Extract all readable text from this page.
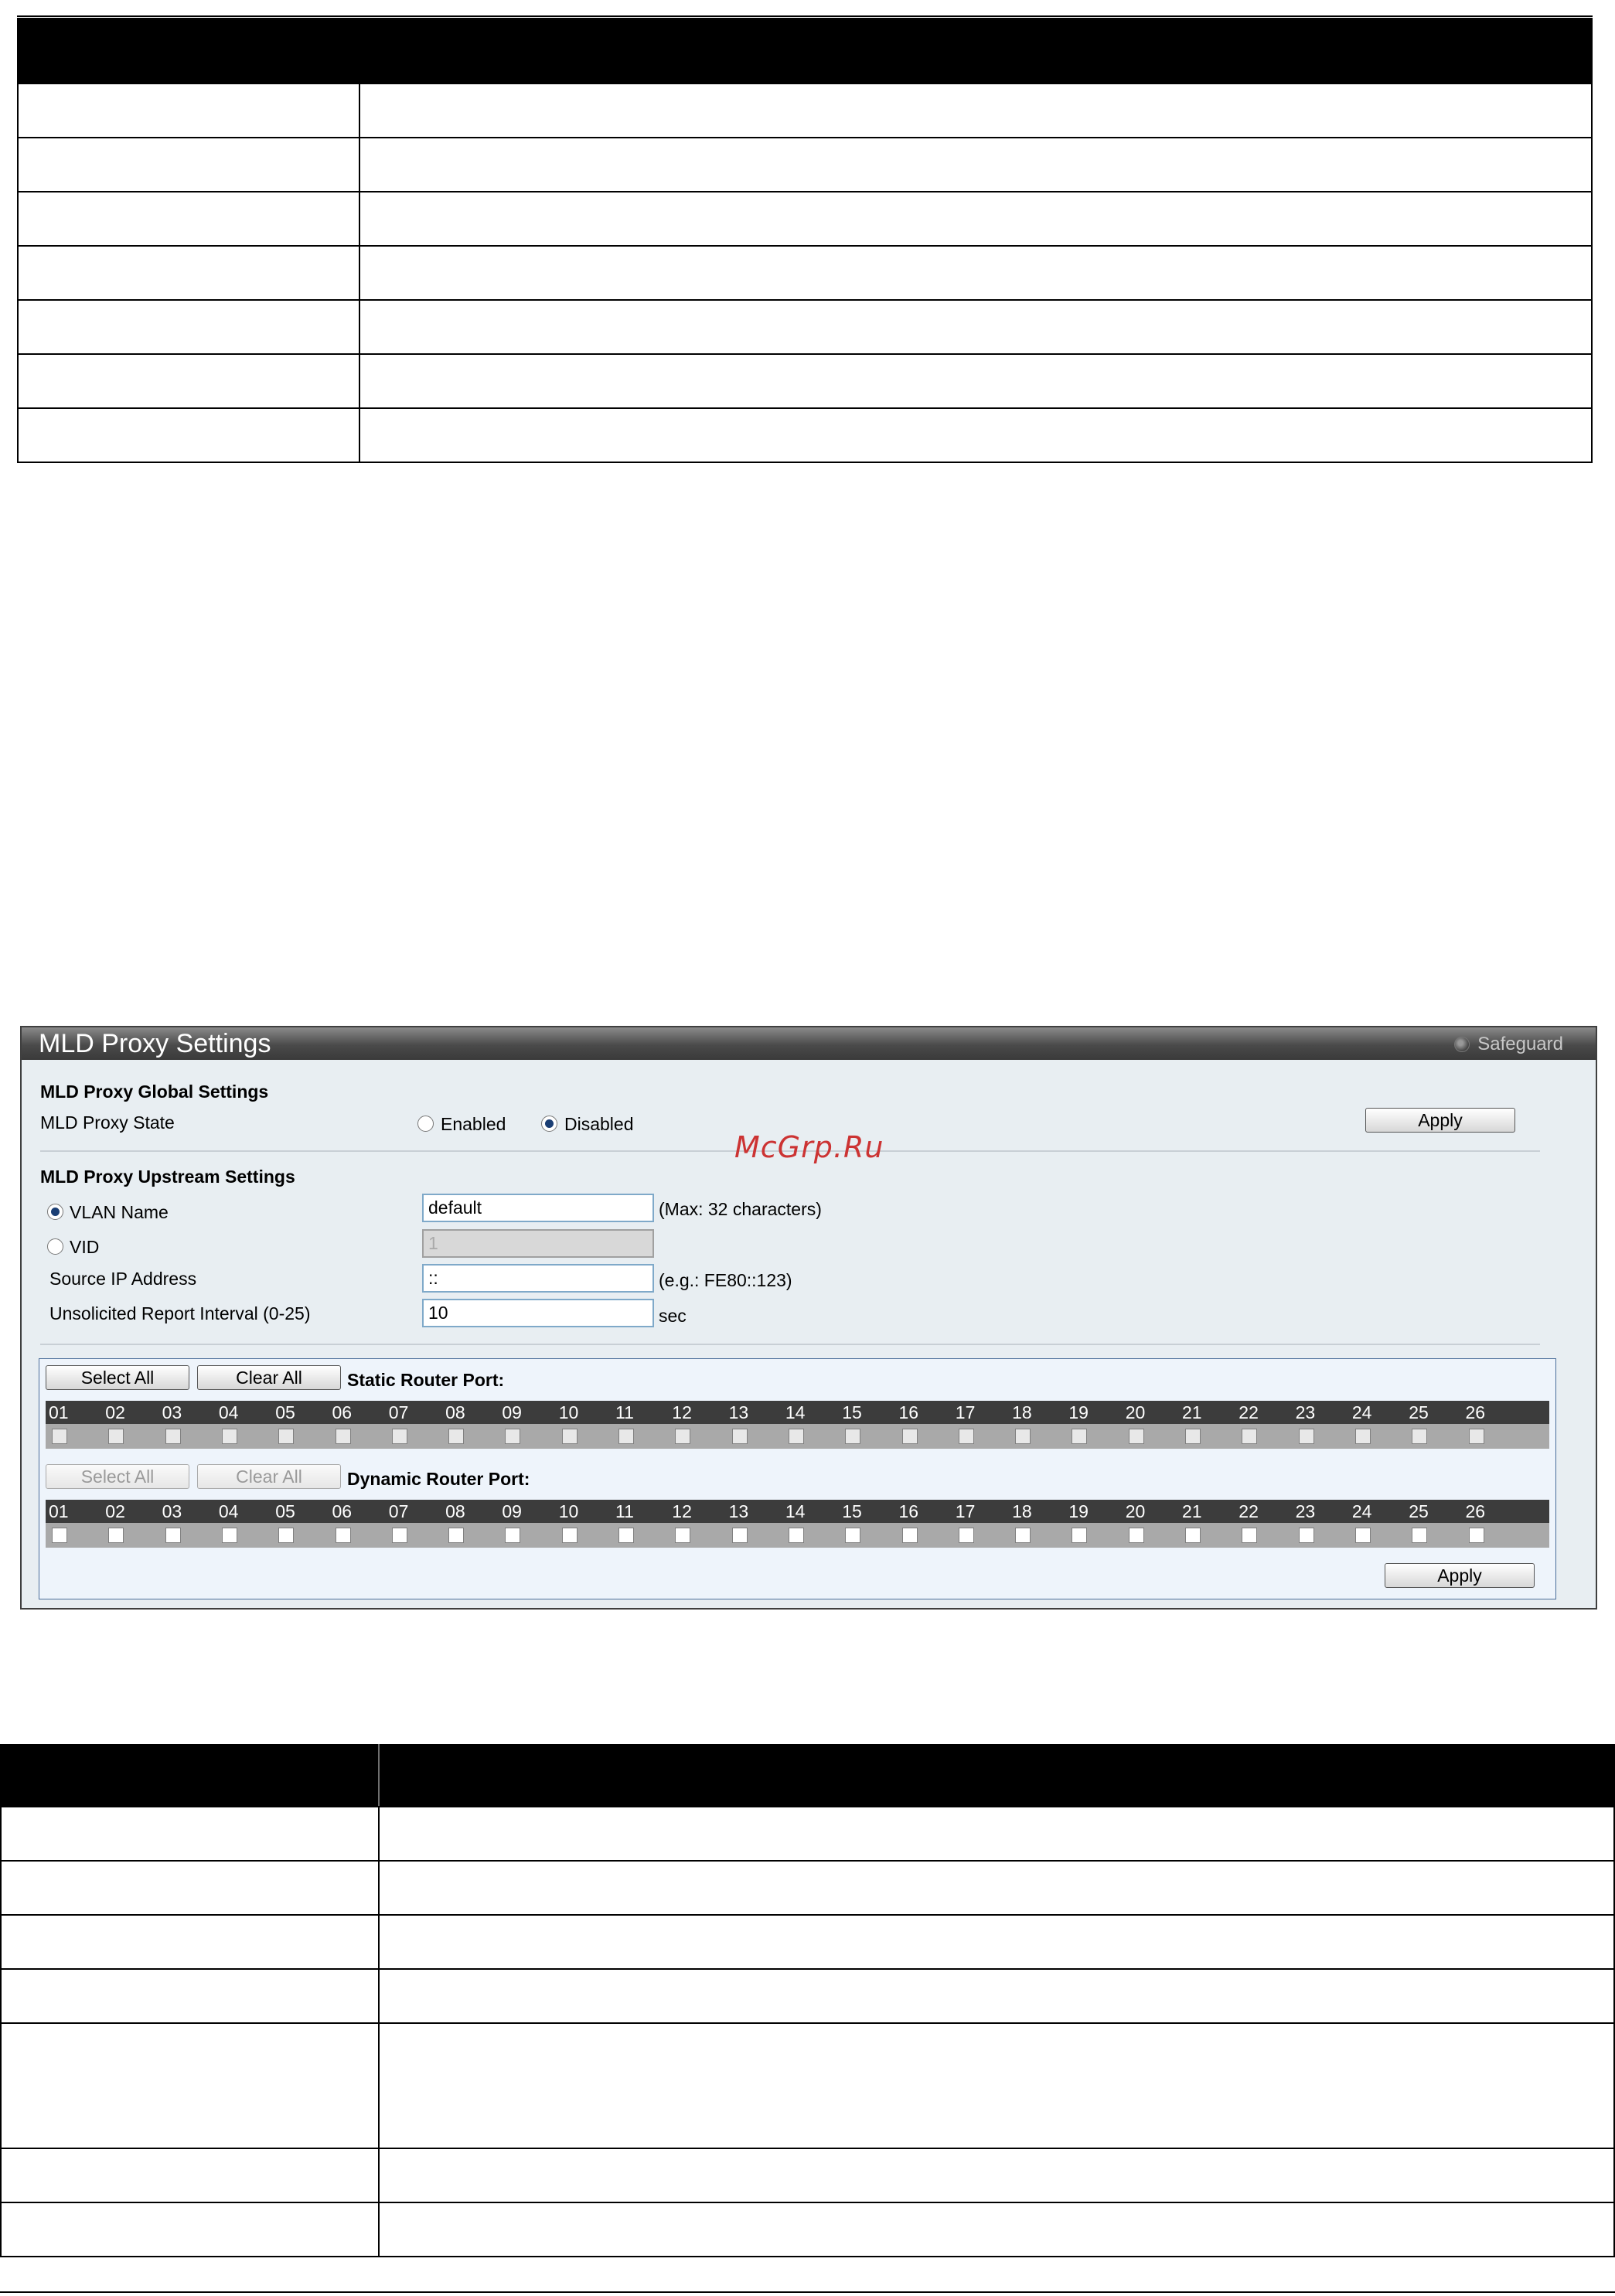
MLD Proxy Settings	Safeguard
MLD Proxy Global Settings
MLD Proxy State	Enabled	Disabled	Apply
MLD Proxy Upstream Settings
VLAN Name	default	(Max: 32 characters)
VID	1
Source IP Address	::	(e.g.: FE80::123)
Unsolicited Report Interval (0-25)	10	sec
Select All	Clear All	Static Router Port:
01 02 03 04 05 06 07 08 09 10 11 12 13 14 15 16 17 18 19 20 21 22 23 24 25 26
Select All	Clear All	Dynamic Router Port:
01 02 03 04 05 06 07 08 09 10 11 12 13 14 15 16 17 18 19 20 21 22 23 24 25 26
Apply
McGrp.Ru
